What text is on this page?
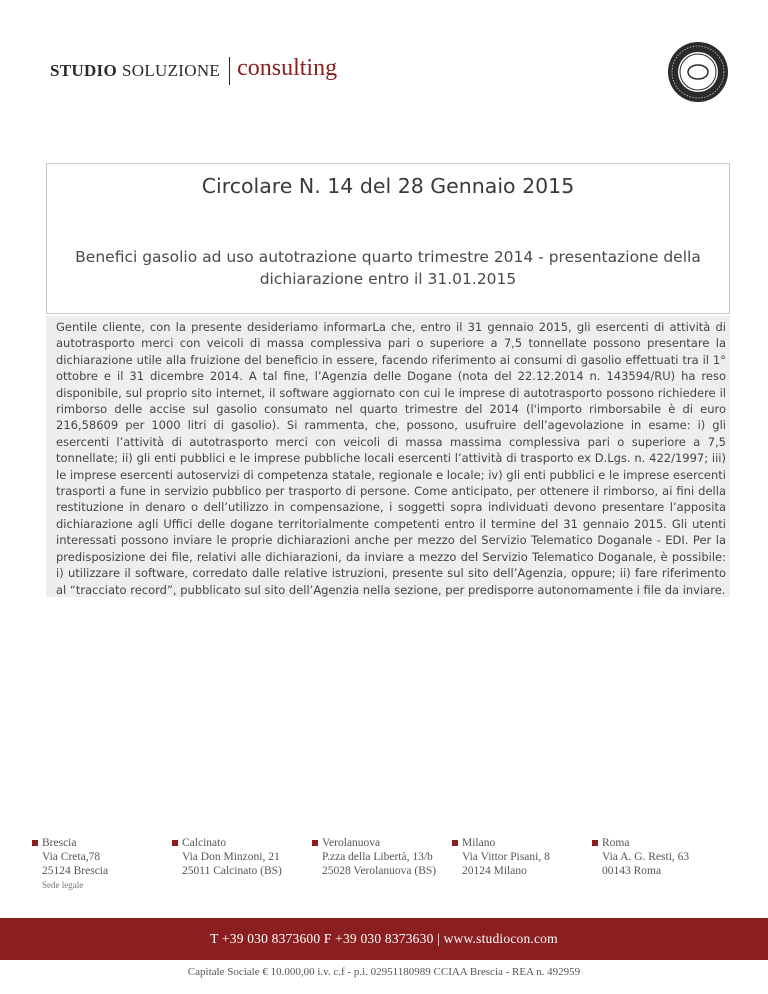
STUDIO SOLUZIONE consulting
Circolare N. 14 del 28 Gennaio 2015
Benefici gasolio ad uso autotrazione quarto trimestre 2014 - presentazione della
dichiarazione entro il 31.01.2015

Gentile cliente, con la presente desideriamo informarLa che, entro il 31 gennaio 2015, gli esercenti di attività di autotrasporto merci con veicoli di massa complessiva pari o superiore a 7,5 tonnellate possono presentare la dichiarazione utile alla fruizione del beneficio in essere, facendo riferimento ai consumi di gasolio effettuati tra il 1° ottobre e il 31 dicembre 2014. A tal fine, l’Agenzia delle Dogane (nota del 22.12.2014 n. 143594/RU) ha reso disponibile, sul proprio sito internet, il software aggiornato con cui le imprese di autotrasporto possono richiedere il rimborso delle accise sul gasolio consumato nel quarto trimestre del 2014 (l'importo rimborsabile è di euro 216,58609 per 1000 litri di gasolio). Si rammenta, che, possono, usufruire dell’agevolazione in esame: i) gli esercenti l’attività di autotrasporto merci con veicoli di massa massima complessiva pari o superiore a 7,5 tonnellate; ii) gli enti pubblici e le imprese pubbliche locali esercenti l’attività di trasporto ex D.Lgs. n. 422/1997; iii) le imprese esercenti autoservizi di competenza statale, regionale e locale; iv) gli enti pubblici e le imprese esercenti trasporti a fune in servizio pubblico per trasporto di persone. Come anticipato, per ottenere il rimborso, ai fini della restituzione in denaro o dell’utilizzo in compensazione, i soggetti sopra individuati devono presentare l’apposita dichiarazione agli Uffici delle dogane territorialmente competenti entro il termine del 31 gennaio 2015. Gli utenti interessati possono inviare le proprie dichiarazioni anche per mezzo del Servizio Telematico Doganale - EDI. Per la predisposizione dei file, relativi alle dichiarazioni, da inviare a mezzo del Servizio Telematico Doganale, è possibile: i) utilizzare il software, corredato dalle relative istruzioni, presente sul sito dell’Agenzia, oppure; ii) fare riferimento al “tracciato record”, pubblicato sul sito dell’Agenzia nella sezione, per predisporre autonomamente i file da inviare.

Brescia
Via Creta,78
25124 Brescia
Sede legale
Calcinato
Via Don Minzoni, 21
25011 Calcinato (BS)
Verolanuova
P.zza della Libertà, 13/b
25028 Verolanuova (BS)
Milano
Via Vittor Pisani, 8
20124 Milano
Roma
Via A. G. Resti, 63
00143 Roma
T +39 030 8373600 F +39 030 8373630 | www.studiocon.com
Capitale Sociale € 10.000,00 i.v. c.f - p.i. 02951180989 CCIAA Brescia - REA n. 492959
